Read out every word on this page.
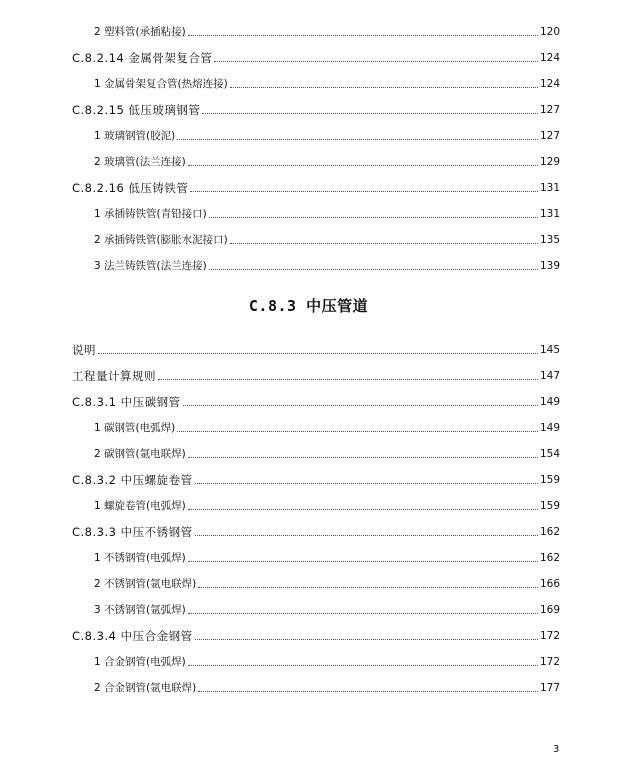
2 塑料管(承插粘接)	120
C.8.2.14 金属骨架复合管	124
1 金属骨架复合管(热熔连接)	124
C.8.2.15 低压玻璃钢管	127
1 玻璃钢管(胶泥)	127
2 玻璃管(法兰连接)	129
C.8.2.16 低压铸铁管	131
1 承插铸铁管(青铅接口)	131
2 承插铸铁管(膨胀水泥接口)	135
3 法兰铸铁管(法兰连接)	139
C.8.3 中压管道
说明	145
工程量计算规则	147
C.8.3.1 中压碳钢管	149
1 碳钢管(电弧焊)	149
2 碳钢管(氩电联焊)	154
C.8.3.2 中压螺旋卷管	159
1 螺旋卷管(电弧焊)	159
C.8.3.3 中压不锈钢管	162
1 不锈钢管(电弧焊)	162
2 不锈钢管(氩电联焊)	166
3 不锈钢管(氩弧焊)	169
C.8.3.4 中压合金钢管	172
1 合金钢管(电弧焊)	172
2 合金钢管(氩电联焊)	177
3
